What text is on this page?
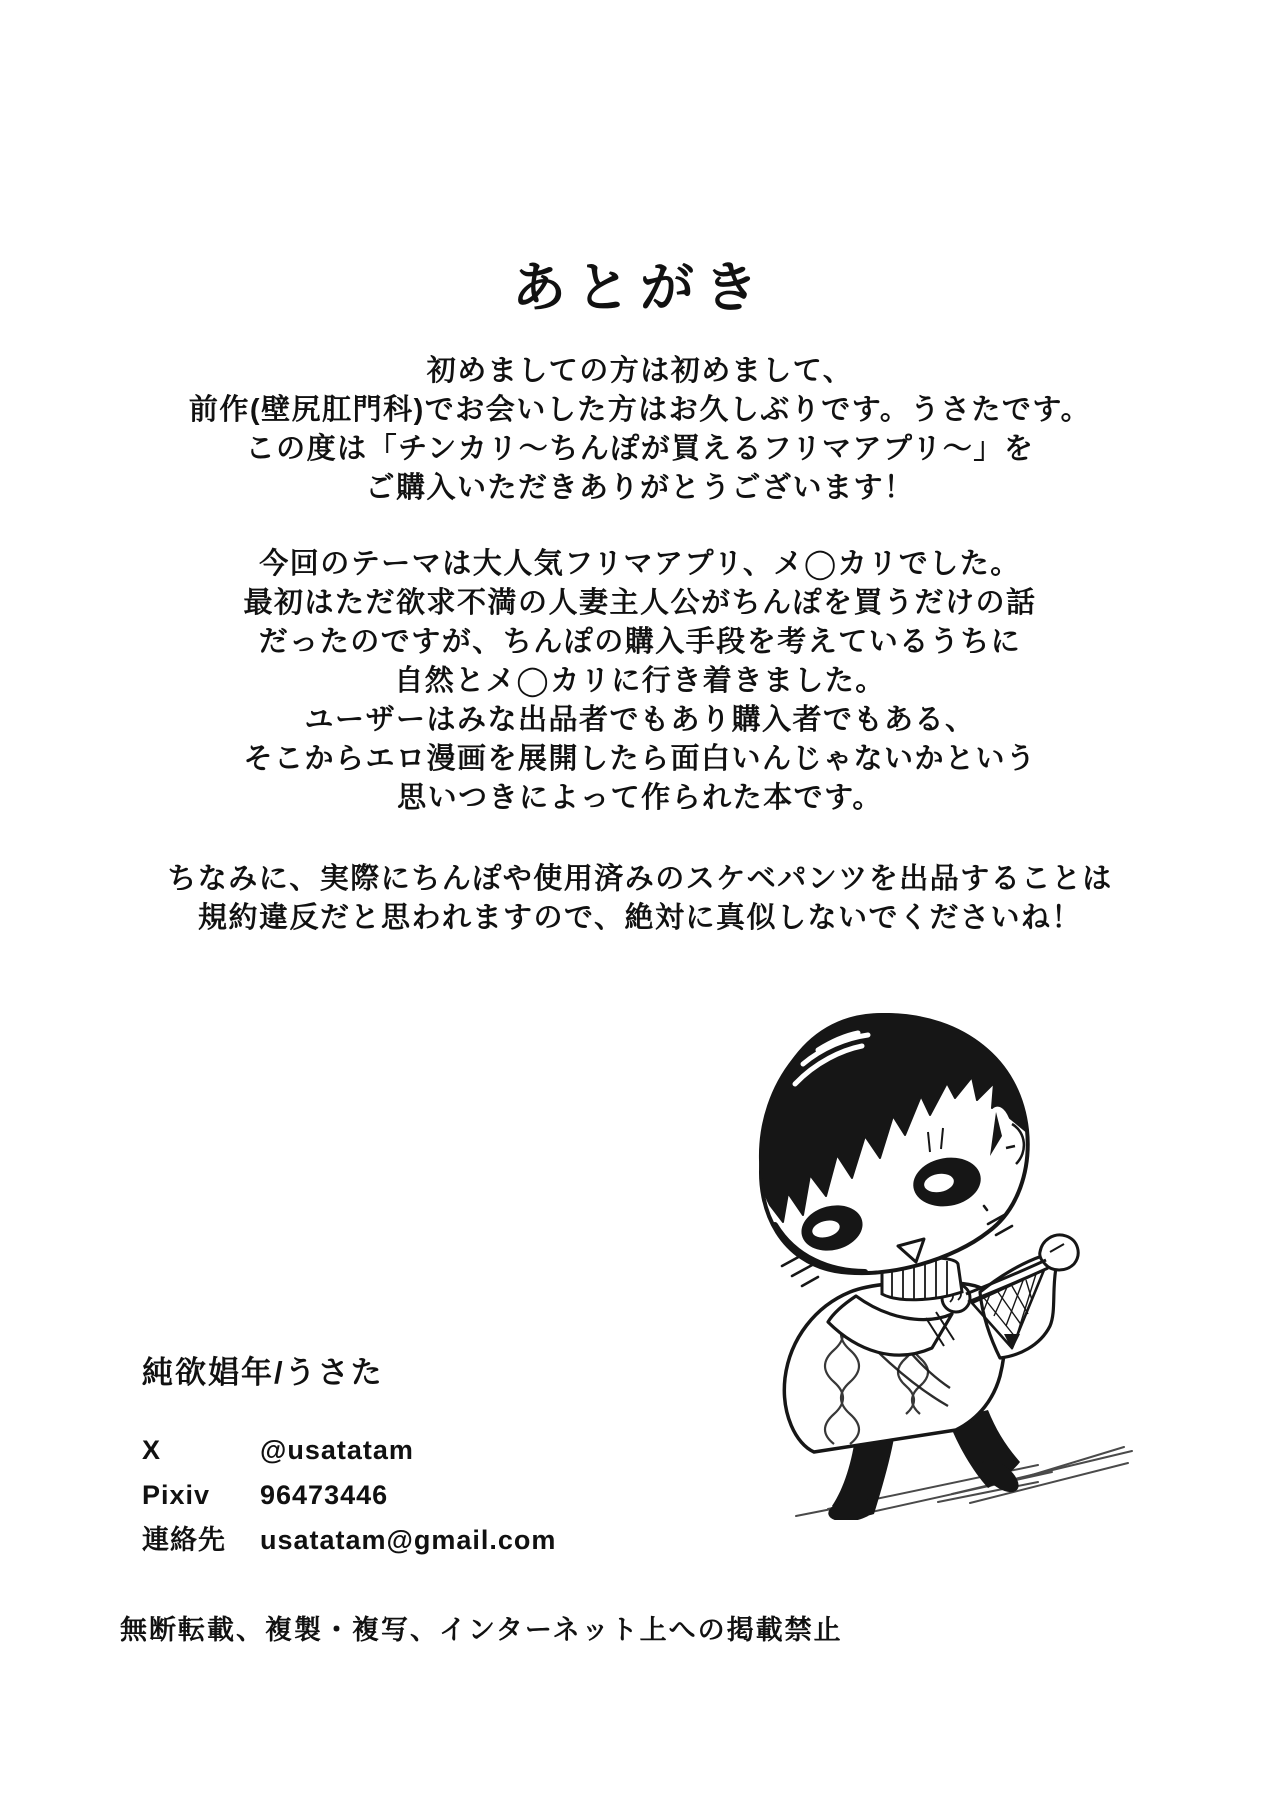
あとがき
初めましての方は初めまして、
前作(壁尻肛門科)でお会いした方はお久しぶりです。うさたです。
この度は「チンカリ〜ちんぽが買えるフリマアプリ〜」を
ご購入いただきありがとうございます！
今回のテーマは大人気フリマアプリ、メ◯カリでした。
最初はただ欲求不満の人妻主人公がちんぽを買うだけの話
だったのですが、ちんぽの購入手段を考えているうちに
自然とメ◯カリに行き着きました。
ユーザーはみな出品者でもあり購入者でもある、
そこからエロ漫画を展開したら面白いんじゃないかという
思いつきによって作られた本です。
ちなみに、実際にちんぽや使用済みのスケベパンツを出品することは
規約違反だと思われますので、絶対に真似しないでくださいね！
純欲娼年/うさた
X	@usatatam
Pixiv 96473446
連絡先 usatatam@gmail.com
無断転載、複製・複写、インターネット上への掲載禁止
